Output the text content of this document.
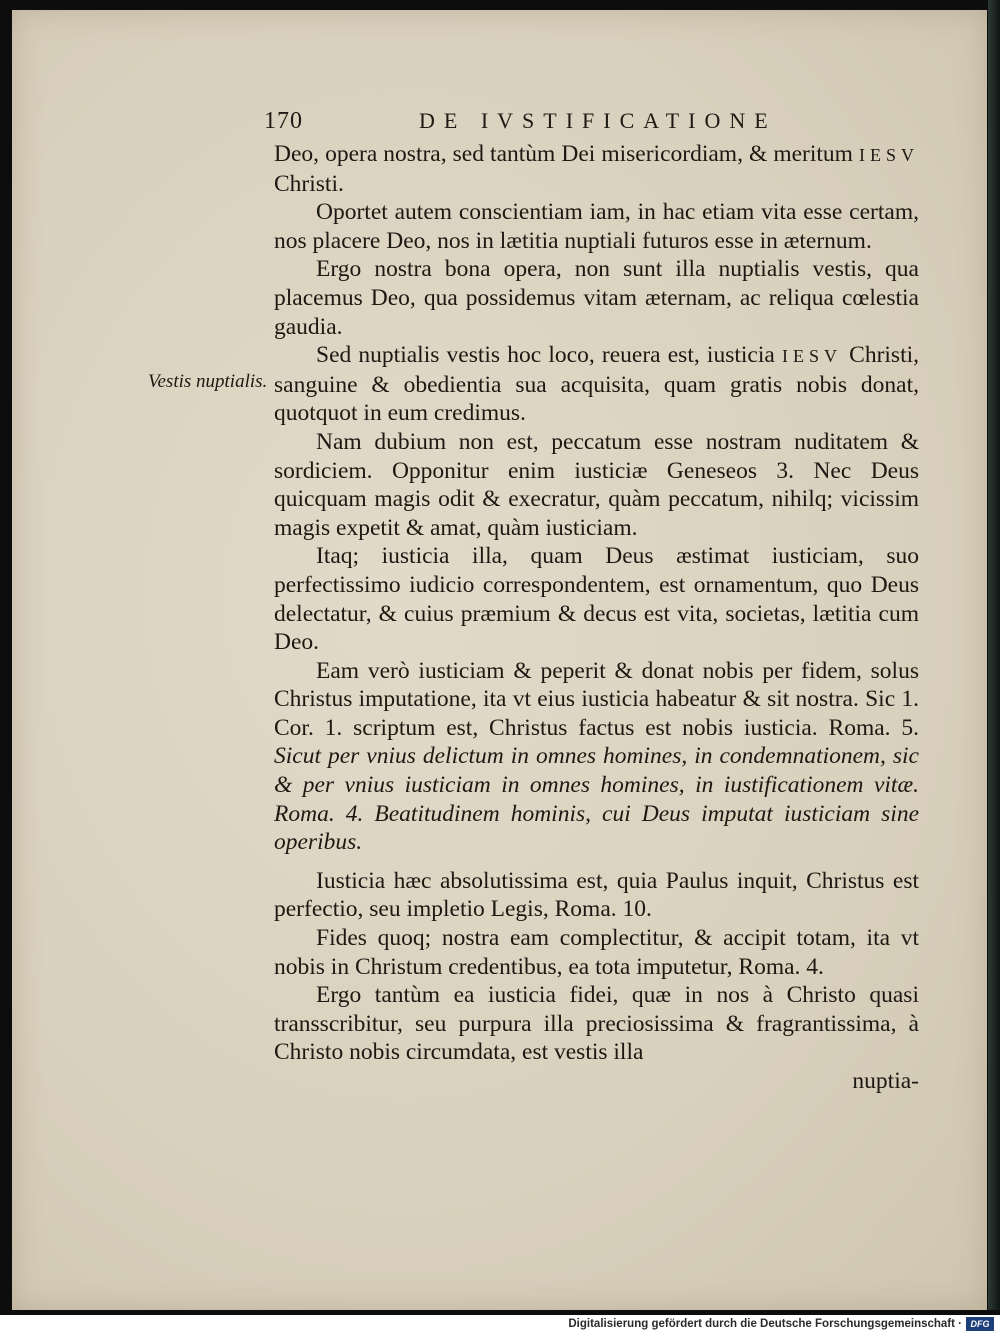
170	DE IVSTIFICATIONE
Vestis nuptialis.

Deo, opera nostra, sed tantùm Dei misericordiam, & meritum IESV Christi.

Oportet autem conscientiam iam, in hac etiam vita esse certam, nos placere Deo, nos in lætitia nuptiali futuros esse in æternum.

Ergo nostra bona opera, non sunt illa nuptialis vestis, qua placemus Deo, qua possidemus vitam æternam, ac reliqua cœlestia gaudia.

Sed nuptialis vestis hoc loco, reuera est, iusticia IESV Christi, sanguine & obedientia sua acquisita, quam gratis nobis donat, quotquot in eum credimus.

Nam dubium non est, peccatum esse nostram nuditatem & sordiciem. Opponitur enim iusticiæ Geneseos 3. Nec Deus quicquam magis odit & execratur, quàm peccatum, nihilq; vicissim magis expetit & amat, quàm iusticiam.

Itaq; iusticia illa, quam Deus æstimat iusticiam, suo perfectissimo iudicio correspondentem, est ornamentum, quo Deus delectatur, & cuius præmium & decus est vita, societas, lætitia cum Deo.

Eam verò iusticiam & peperit & donat nobis per fidem, solus Christus imputatione, ita vt eius iusticia habeatur & sit nostra. Sic 1. Cor. 1. scriptum est, Christus factus est nobis iusticia. Roma. 5. Sicut per vnius delictum in omnes homines, in condemnationem, sic & per vnius iusticiam in omnes homines, in iustificationem vitæ. Roma. 4. Beatitudinem hominis, cui Deus imputat iusticiam sine operibus.

Iusticia hæc absolutissima est, quia Paulus inquit, Christus est perfectio, seu impletio Legis, Roma. 10.

Fides quoq; nostra eam complectitur, & accipit totam, ita vt nobis in Christum credentibus, ea tota imputetur, Roma. 4.

Ergo tantùm ea iusticia fidei, quæ in nos à Christo quasi transscribitur, seu purpura illa preciosissima & fragrantissima, à Christo nobis circumdata, est vestis illa

nuptia-

Digitalisierung gefördert durch die Deutsche Forschungsgemeinschaft · DFG
